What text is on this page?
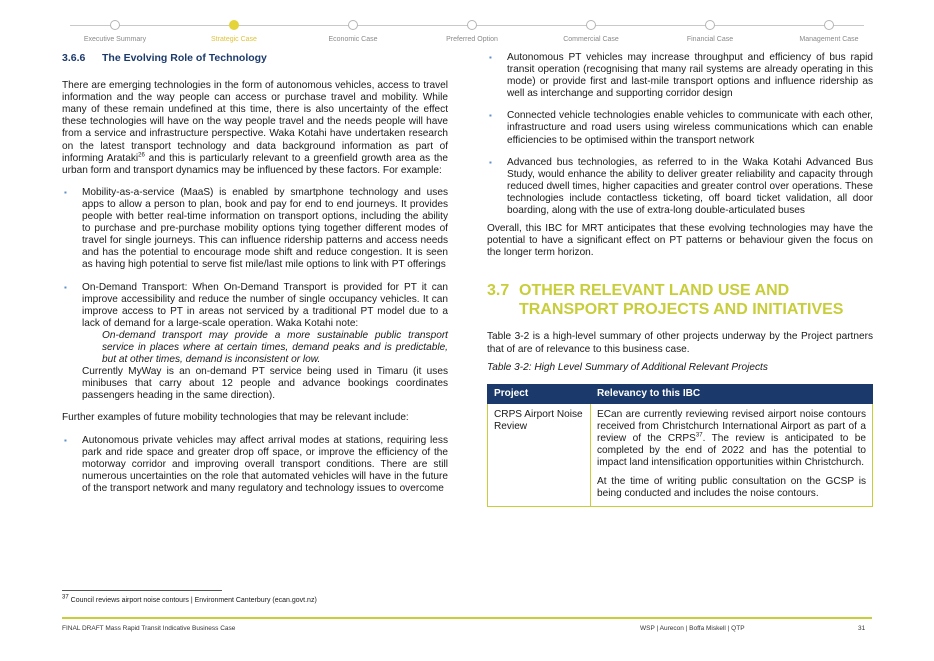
Executive Summary	Strategic Case	Economic Case	Preferred Option	Commercial Case	Financial Case	Management Case
3.6.6 The Evolving Role of Technology

There are emerging technologies in the form of autonomous vehicles, access to travel information and the way people can access or purchase travel and mobility. While many of these remain undefined at this time, there is also uncertainty of the effect these technologies will have on the way people travel and the needs people will have from a service and infrastructure perspective. Waka Kotahi have undertaken research on the latest transport technology and data background information as part of informing Arataki$^{26}$ and this is particularly relevant to a greenfield growth area as the urban form and transport dynamics may be influenced by these factors. For example:

▪ Mobility-as-a-service (MaaS) is enabled by smartphone technology and uses apps to allow a person to plan, book and pay for end to end journeys. It provides people with better real-time information on transport options, including the ability to purchase and pre-purchase mobility options tying together different modes of travel for single journeys. This can influence ridership patterns and access needs and has the potential to encourage mode shift and reduce congestion. It is seen as having high potential to serve fist mile/last mile options to link with PT offerings

▪ On-Demand Transport: When On-Demand Transport is provided for PT it can improve accessibility and reduce the number of single occupancy vehicles. It can improve access to PT in areas not serviced by a traditional PT model due to a lack of demand for a large-scale operation. Waka Kotahi note:

On-demand transport may provide a more sustainable public transport service in places where at certain times, demand peaks and is predictable, but at other times, demand is inconsistent or low.

Currently MyWay is an on-demand PT service being used in Timaru (it uses minibuses that carry about 12 people and advance bookings coordinates passengers heading in the same direction).

Further examples of future mobility technologies that may be relevant include:

▪ Autonomous private vehicles may affect arrival modes at stations, requiring less park and ride space and greater drop off space, or improve the efficiency of the motorway corridor and improving overall transport conditions. There are still numerous uncertainties on the role that automated vehicles will have in the future of the transport network and many regulatory and technology issues to overcome
▪ Autonomous PT vehicles may increase throughput and efficiency of bus rapid transit operation (recognising that many rail systems are already operating in this mode) or provide first and last-mile transport options and influence ridership as well as interchange and supporting corridor design
▪ Connected vehicle technologies enable vehicles to communicate with each other, infrastructure and road users using wireless communications which can enable efficiencies to be optimised within the transport network
▪ Advanced bus technologies, as referred to in the Waka Kotahi Advanced Bus Study, would enhance the ability to deliver greater reliability and capacity through reduced dwell times, higher capacities and greater control over operations. These technologies include contactless ticketing, off board ticket validation, all door boarding, along with the use of extra-long double-articulated buses

Overall, this IBC for MRT anticipates that these evolving technologies may have the potential to have a significant effect on PT patterns or behaviour given the focus on the longer term horizon.

3.7 OTHER RELEVANT LAND USE AND
TRANSPORT PROJECTS AND INITIATIVES

Table 3-2 is a high-level summary of other projects underway by the Project partners that of are of relevance to this business case.

Table 3-2: High Level Summary of Additional Relevant Projects

Project	Relevancy to this IBC
CRPS Airport Noise Review	ECan are currently reviewing revised airport noise contours received from Christchurch International Airport as part of a review of the CRPS$^{37}$. The review is anticipated to be completed by the end of 2022 and has the potential to impact land intensification opportunities within Christchurch.

At the time of writing public consultation on the GCSP is being conducted and includes the noise contours.

$^{37}$ Council reviews airport noise contours | Environment Canterbury (ecan.govt.nz)
FINAL DRAFT Mass Rapid Transit Indicative Business Case	WSP | Aurecon | Boffa Miskell | QTP	31
